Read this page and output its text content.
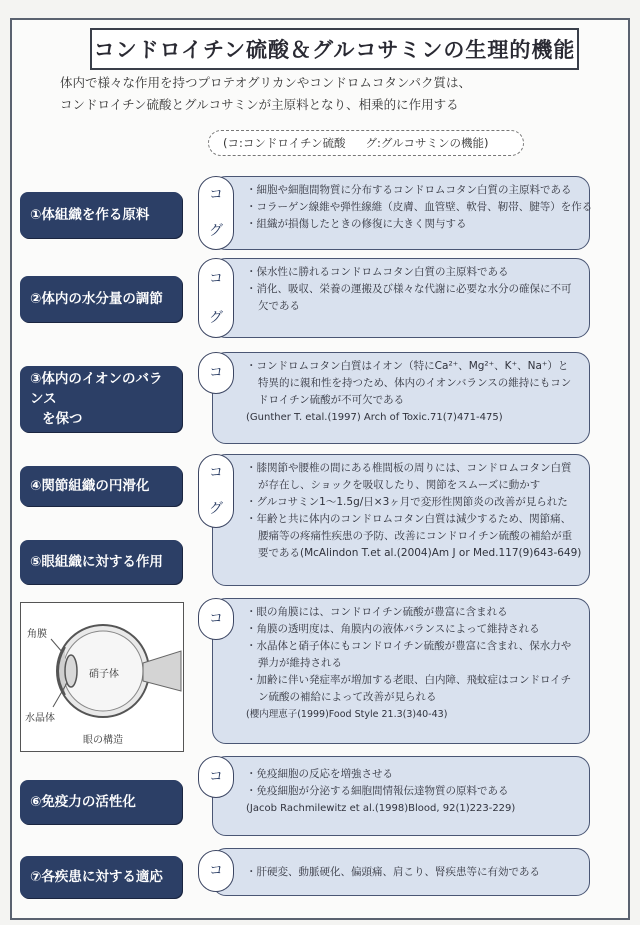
コンドロイチン硫酸＆グルコサミンの生理的機能
体内で様々な作用を持つプロテオグリカンやコンドロムコタンパク質は、
コンドロイチン硫酸とグルコサミンが主原料となり、相乗的に作用する
( コ:コンドロイチン硫酸 グ:グルコサミンの機能 )
①体組織を作る原料
コ
グ
・細胞や細胞間物質に分布するコンドロムコタン白質の主原料である
・コラーゲン線維や弾性線維（皮膚、血管壁、軟骨、靭帯、腱等）を作る
・組織が損傷したときの修復に大きく関与する
②体内の水分量の調節
コ
グ
・保水性に勝れるコンドロムコタン白質の主原料である
・消化、吸収、栄養の運搬及び様々な代謝に必要な水分の確保に不可
欠である
③体内のイオンのバランス
を保つ
コ ・コンドロムコタン白質はイオン（特にCa²⁺、Mg²⁺、K⁺、Na⁺）と
特異的に親和性を持つため、体内のイオンバランスの維持にもコン
ドロイチン硫酸が不可欠である
(Gunther T. etal.(1997) Arch of Toxic.71(7)471-475)
④関節組織の円滑化
コ
グ
・膝関節や腰椎の間にある椎間板の周りには、コンドロムコタン白質
が存在し、ショックを吸収したり、関節をスムーズに動かす
・グルコサミン1～1.5g/日×3ヶ月で変形性関節炎の改善が見られた
・年齢と共に体内のコンドロムコタン白質は減少するため、関節痛、
腰痛等の疼痛性疾患の予防、改善にコンドロイチン硫酸の補給が重
要である(McAlindon T.et al.(2004)Am J or Med.117(9)643-649)
⑤眼組織に対する作用
コ ・眼の角膜には、コンドロイチン硫酸が豊富に含まれる
・角膜の透明度は、角膜内の液体バランスによって維持される
・水晶体と硝子体にもコンドロイチン硫酸が豊富に含まれ、保水力や
弾力が維持される
・加齢に伴い発症率が増加する老眼、白内障、飛蚊症はコンドロイチ
ン硫酸の補給によって改善が見られる
(櫻内理恵子(1999)Food Style 21.3(3)40-43)
角膜
硝子体
水晶体
眼の構造
⑥免疫力の活性化
コ ・免疫細胞の反応を増強させる
・免疫細胞が分泌する細胞間情報伝達物質の原料である
(Jacob Rachmilewitz et al.(1998)Blood, 92(1)223-229)
⑦各疾患に対する適応	コ ・肝硬変、動脈硬化、偏頭痛、肩こり、腎疾患等に有効である
